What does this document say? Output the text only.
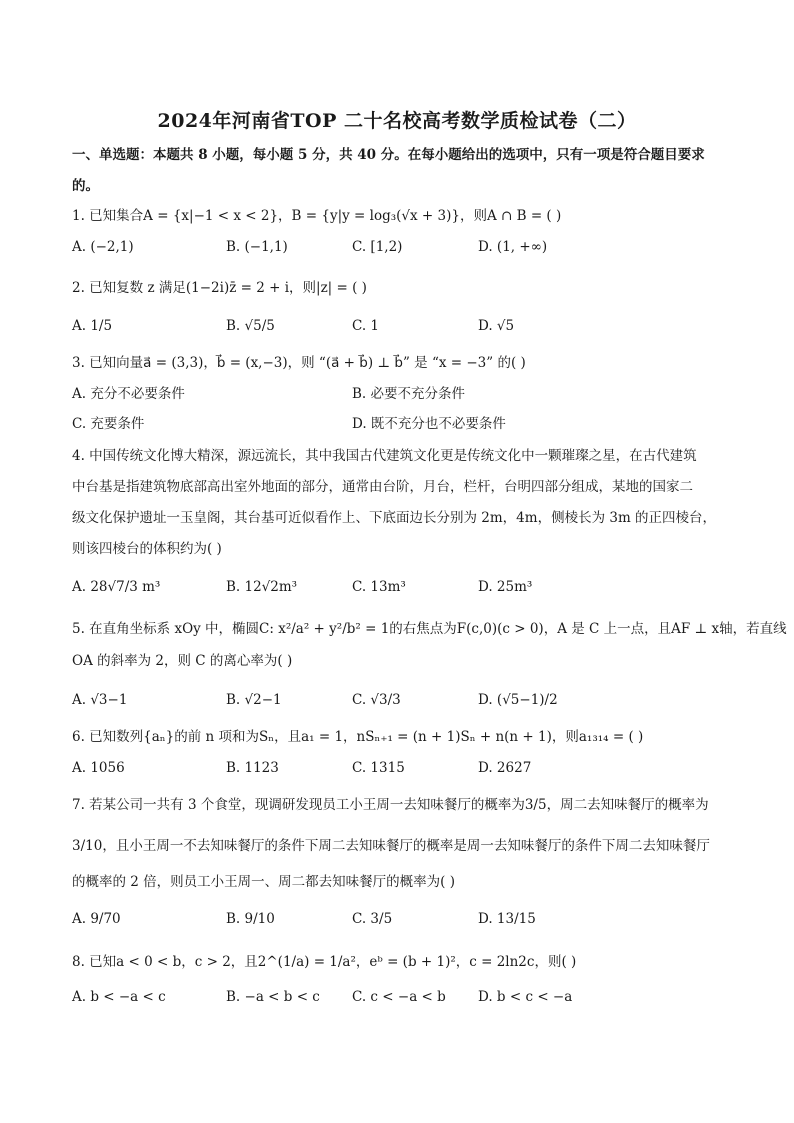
2024年河南省TOP 二十名校高考数学质检试卷（二）
一、单选题：本题共 8 小题，每小题 5 分，共 40 分。在每小题给出的选项中，只有一项是符合题目要求
的。
1. 已知集合A = {x|−1 < x < 2}，B = {y|y = log₃(√x + 3)}，则A ∩ B = ( )
A. (−2,1)	B. (−1,1)	C. [1,2)	D. (1, +∞)
2. 已知复数 z 满足(1−2i)z̄ = 2 + i，则|z| = ( )
A. 1/5	B. √5/5	C. 1	D. √5
3. 已知向量a⃗ = (3,3)，b⃗ = (x,−3)，则 “(a⃗ + b⃗) ⊥ b⃗” 是 “x = −3” 的( )
A. 充分不必要条件	B. 必要不充分条件
C. 充要条件	D. 既不充分也不必要条件
4. 中国传统文化博大精深，源远流长，其中我国古代建筑文化更是传统文化中一颗璀璨之星，在古代建筑
中台基是指建筑物底部高出室外地面的部分，通常由台阶，月台，栏杆，台明四部分组成，某地的国家二
级文化保护遗址一玉皇阁，其台基可近似看作上、下底面边长分别为 2m，4m，侧棱长为 3m 的正四棱台，
则该四棱台的体积约为( )
A. 28√7/3 m³	B. 12√2m³	C. 13m³	D. 25m³
5. 在直角坐标系 xOy 中，椭圆C: x²/a² + y²/b² = 1的右焦点为F(c,0)(c > 0)，A 是 C 上一点，且AF ⊥ x轴，若直线
OA 的斜率为 2，则 C 的离心率为( )
A. √3−1	B. √2−1	C. √3/3	D. (√5−1)/2
6. 已知数列{aₙ}的前 n 项和为Sₙ，且a₁ = 1，nSₙ₊₁ = (n + 1)Sₙ + n(n + 1)，则a₁₃₁₄ = ( )
A. 1056	B. 1123	C. 1315	D. 2627
7. 若某公司一共有 3 个食堂，现调研发现员工小王周一去知味餐厅的概率为3/5，周二去知味餐厅的概率为
3/10，且小王周一不去知味餐厅的条件下周二去知味餐厅的概率是周一去知味餐厅的条件下周二去知味餐厅
的概率的 2 倍，则员工小王周一、周二都去知味餐厅的概率为( )
A. 9/70	B. 9/10	C. 3/5	D. 13/15
8. 已知a < 0 < b，c > 2，且2^(1/a) = 1/a²，eᵇ = (b + 1)²，c = 2ln2c，则( )
A. b < −a < c	B. −a < b < c C. c < −a < b D. b < c < −a
